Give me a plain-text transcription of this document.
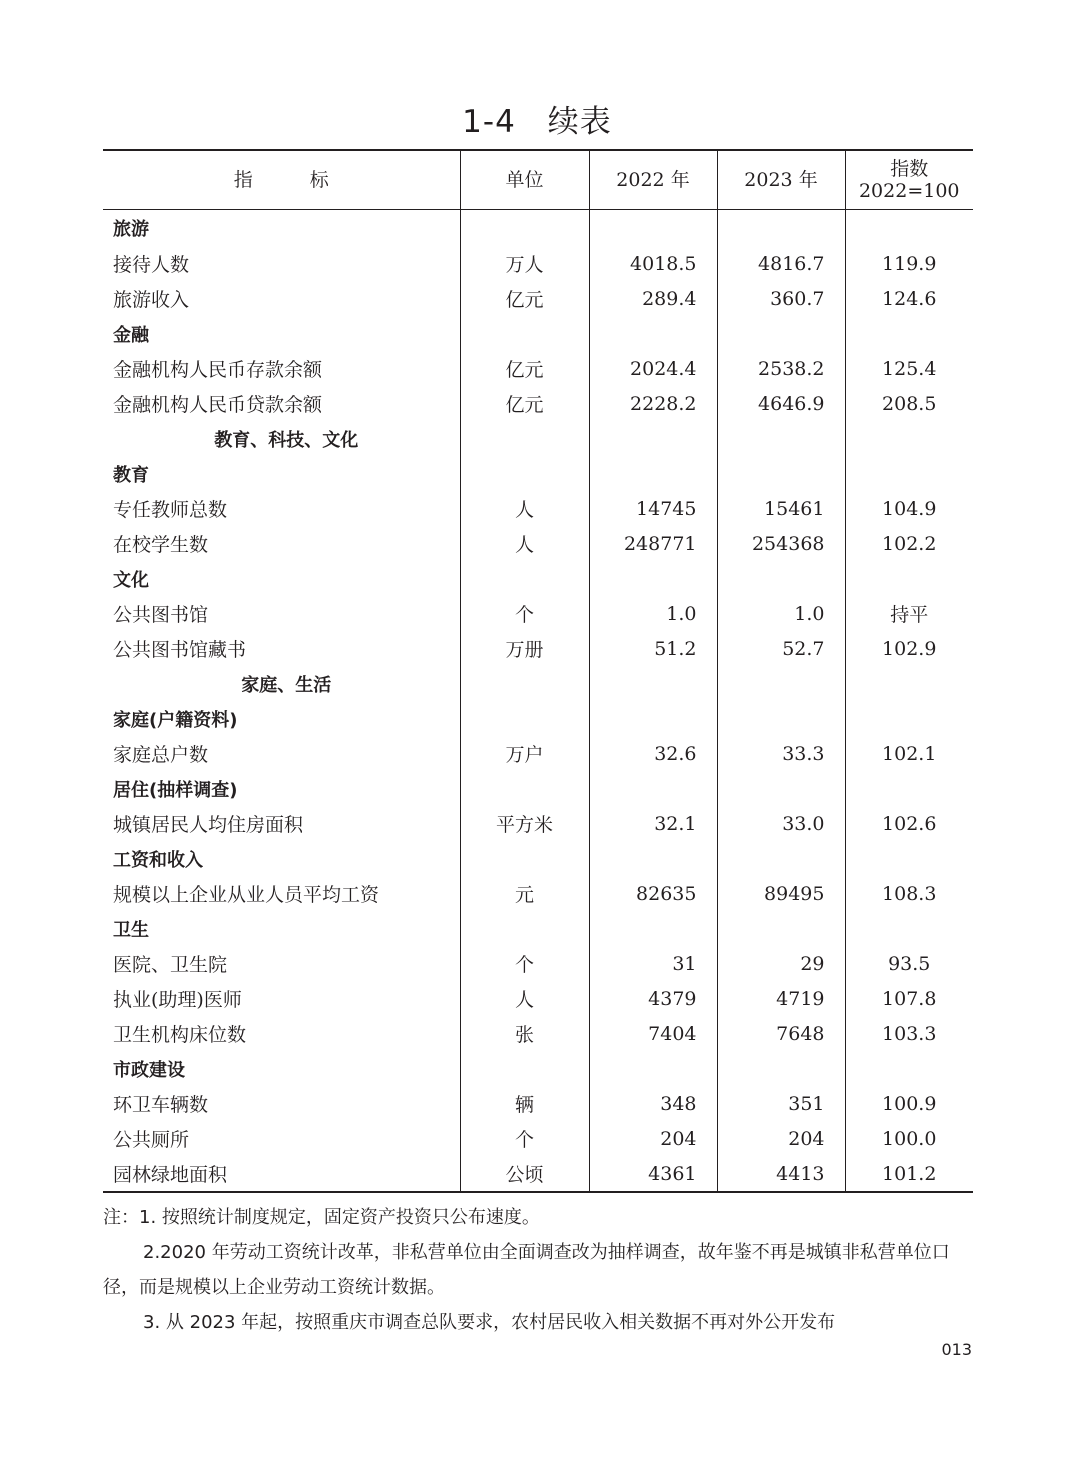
1-4　续表
指　　　标	单位	2022 年	2023 年	指数
2022=100

旅游				
接待人数	万人	4018.5	4816.7	119.9
旅游收入	亿元	289.4	360.7	124.6
金融				
金融机构人民币存款余额	亿元	2024.4	2538.2	125.4
金融机构人民币贷款余额	亿元	2228.2	4646.9	208.5
教育、科技、文化				
教育				
专任教师总数	人	14745	15461	104.9
在校学生数	人	248771	254368	102.2
文化				
公共图书馆	个	1.0	1.0	持平
公共图书馆藏书	万册	51.2	52.7	102.9
家庭、生活				
家庭(户籍资料)				
家庭总户数	万户	32.6	33.3	102.1
居住(抽样调查)				
城镇居民人均住房面积	平方米	32.1	33.0	102.6
工资和收入				
规模以上企业从业人员平均工资	元	82635	89495	108.3
卫生				
医院、卫生院	个	31	29	93.5
执业(助理)医师	人	4379	4719	107.8
卫生机构床位数	张	7404	7648	103.3
市政建设				
环卫车辆数	辆	348	351	100.9
公共厕所	个	204	204	100.0
园林绿地面积	公顷	4361	4413	101.2

注：1. 按照统计制度规定，固定资产投资只公布速度。

2.2020 年劳动工资统计改革，非私营单位由全面调查改为抽样调查，故年鉴不再是城镇非私营单位口径，而是规模以上企业劳动工资统计数据。

3. 从 2023 年起，按照重庆市调查总队要求，农村居民收入相关数据不再对外公开发布

013
